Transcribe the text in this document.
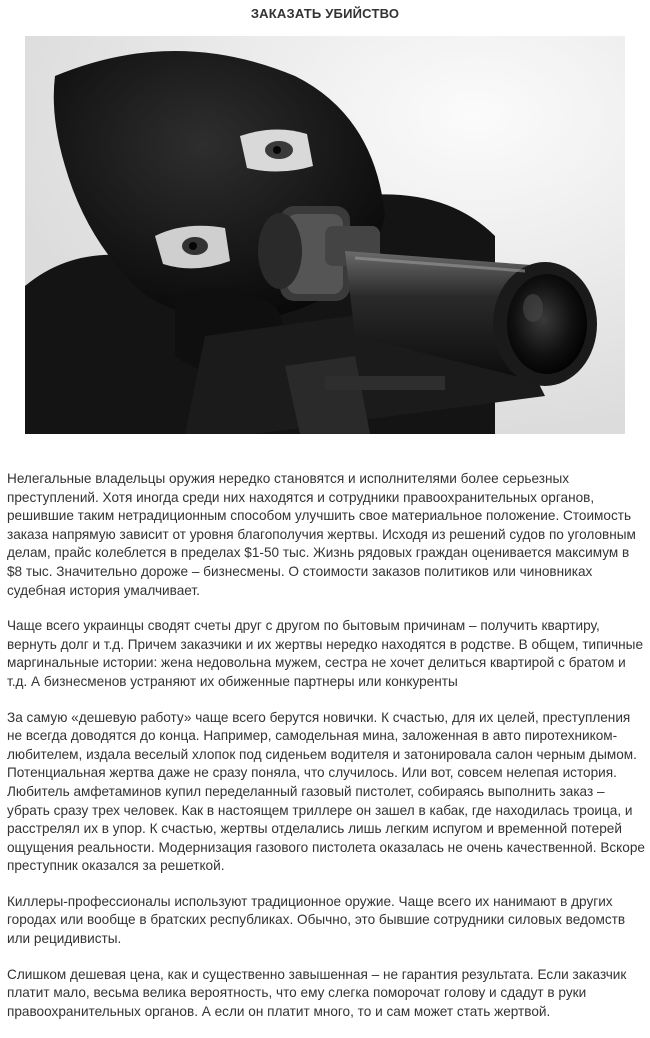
ЗАКАЗАТЬ УБИЙСТВО

Нелегальные владельцы оружия нередко становятся и исполнителями более серьезных преступлений. Хотя иногда среди них находятся и сотрудники правоохранительных органов, решившие таким нетрадиционным способом улучшить свое материальное положение. Стоимость заказа напрямую зависит от уровня благополучия жертвы. Исходя из решений судов по уголовным делам, прайс колеблется в пределах $1-50 тыс. Жизнь рядовых граждан оценивается максимум в $8 тыс. Значительно дороже – бизнесмены. О стоимости заказов политиков или чиновниках судебная история умалчивает.

Чаще всего украинцы сводят счеты друг с другом по бытовым причинам – получить квартиру, вернуть долг и т.д. Причем заказчики и их жертвы нередко находятся в родстве. В общем, типичные маргинальные истории: жена недовольна мужем, сестра не хочет делиться квартирой с братом и т.д. А бизнесменов устраняют их обиженные партнеры или конкуренты

За самую «дешевую работу» чаще всего берутся новички. К счастью, для их целей, преступления не всегда доводятся до конца. Например, самодельная мина, заложенная в авто пиротехником-любителем, издала веселый хлопок под сиденьем водителя и затонировала салон черным дымом. Потенциальная жертва даже не сразу поняла, что случилось. Или вот, совсем нелепая история. Любитель амфетаминов купил переделанный газовый пистолет, собираясь выполнить заказ – убрать сразу трех человек. Как в настоящем триллере он зашел в кабак, где находилась троица, и расстрелял их в упор. К счастью, жертвы отделались лишь легким испугом и временной потерей ощущения реальности. Модернизация газового пистолета оказалась не очень качественной. Вскоре преступник оказался за решеткой.

Киллеры-профессионалы используют традиционное оружие. Чаще всего их нанимают в других городах или вообще в братских республиках. Обычно, это бывшие сотрудники силовых ведомств или рецидивисты.

Слишком дешевая цена, как и существенно завышенная – не гарантия результата. Если заказчик платит мало, весьма велика вероятность, что ему слегка поморочат голову и сдадут в руки правоохранительных органов. А если он платит много, то и сам может стать жертвой.
